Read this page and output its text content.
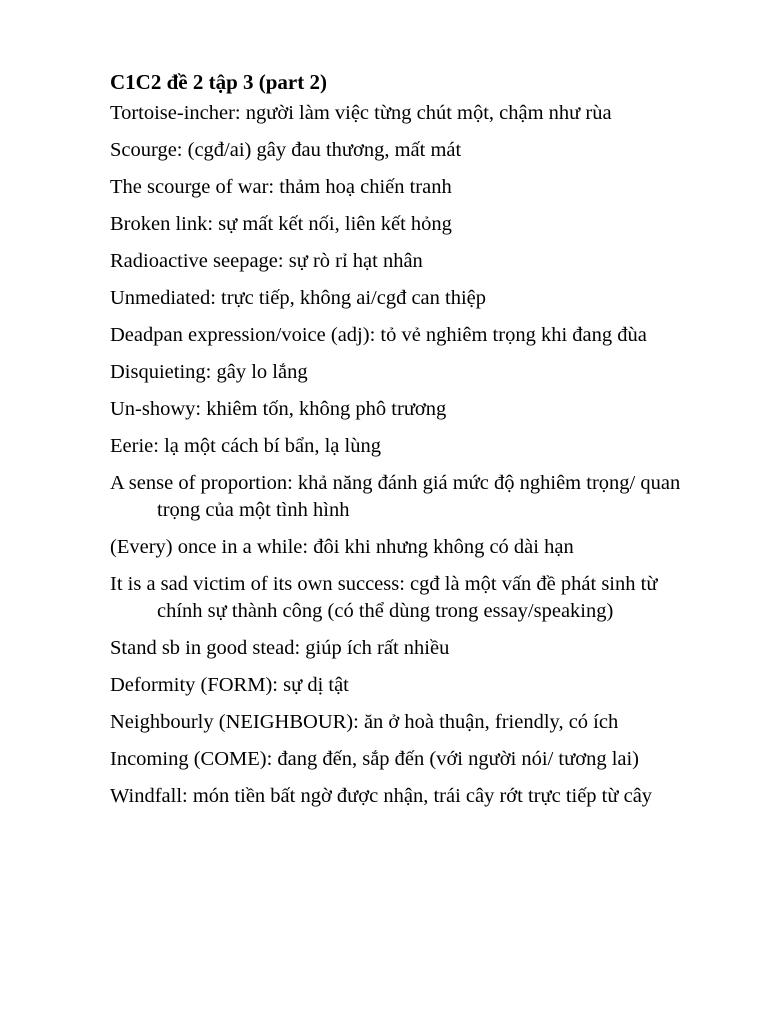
C1C2 đề 2 tập 3 (part 2)

Tortoise-incher: người làm việc từng chút một, chậm như rùa

Scourge: (cgđ/ai) gây đau thương, mất mát

The scourge of war: thảm hoạ chiến tranh

Broken link: sự mất kết nối, liên kết hỏng

Radioactive seepage: sự rò rỉ hạt nhân

Unmediated: trực tiếp, không ai/cgđ can thiệp

Deadpan expression/voice (adj): tỏ vẻ nghiêm trọng khi đang đùa

Disquieting: gây lo lắng

Un-showy: khiêm tốn, không phô trương

Eerie: lạ một cách bí bẩn, lạ lùng

A sense of proportion: khả năng đánh giá mức độ nghiêm trọng/ quan trọng của một tình hình

(Every) once in a while: đôi khi nhưng không có dài hạn

It is a sad victim of its own success: cgđ là một vấn đề phát sinh từ chính sự thành công (có thể dùng trong essay/speaking)

Stand sb in good stead: giúp ích rất nhiều

Deformity (FORM): sự dị tật

Neighbourly (NEIGHBOUR): ăn ở hoà thuận, friendly, có ích

Incoming (COME): đang đến, sắp đến (với người nói/ tương lai)

Windfall: món tiền bất ngờ được nhận, trái cây rớt trực tiếp từ cây
